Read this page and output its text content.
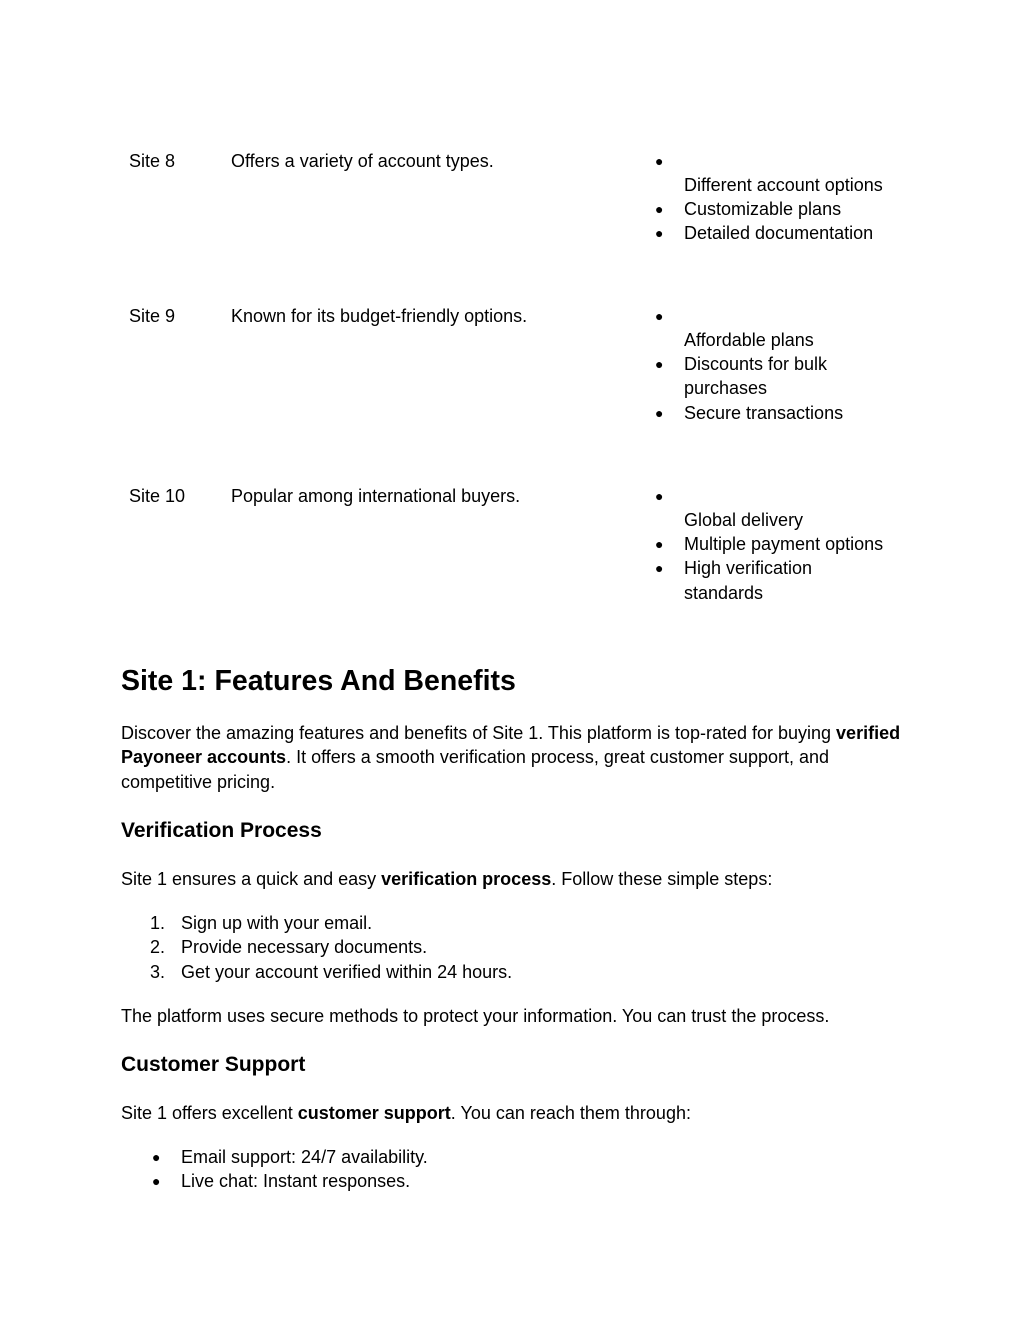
Site 8	Offers a variety of account types.	●
Different account options
● Customizable plans
● Detailed documentation
Site 9	Known for its budget-friendly options.	●
Affordable plans
● Discounts for bulk purchases
● Secure transactions
Site 10	Popular among international buyers.	●
Global delivery
● Multiple payment options
● High verification standards
Site 1: Features And Benefits

Discover the amazing features and benefits of Site 1. This platform is top-rated for buying verified Payoneer accounts. It offers a smooth verification process, great customer support, and competitive pricing.

Verification Process

Site 1 ensures a quick and easy verification process. Follow these simple steps:

1. Sign up with your email.
2. Provide necessary documents.
3. Get your account verified within 24 hours.

The platform uses secure methods to protect your information. You can trust the process.

Customer Support

Site 1 offers excellent customer support. You can reach them through:

● Email support: 24/7 availability.
● Live chat: Instant responses.
